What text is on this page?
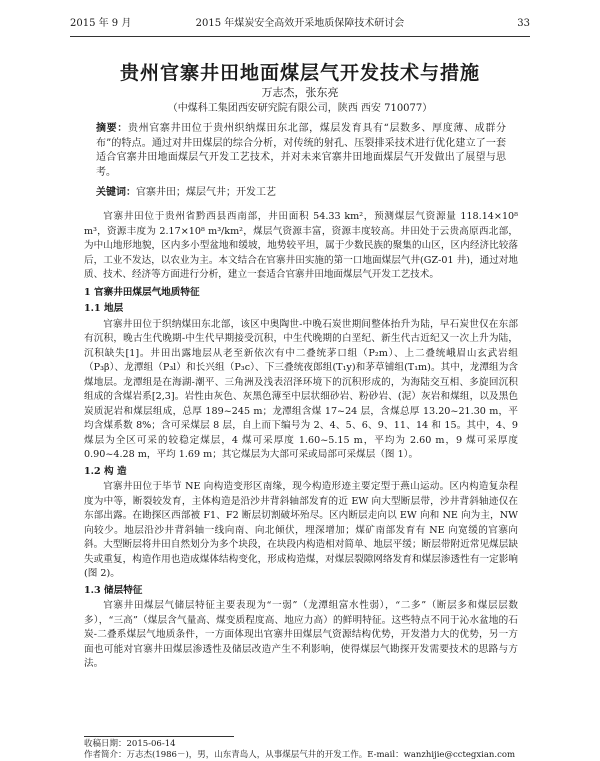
2015 年 9 月	2015 年煤炭安全高效开采地质保障技术研讨会	33
贵州官寨井田地面煤层气开发技术与措施
万志杰，张东亮
（中煤科工集团西安研究院有限公司，陕西 西安 710077）
摘要：贵州官寨井田位于贵州织纳煤田东北部，煤层发育具有“层数多、厚度薄、成群分布”的特点。通过对井田煤层的综合分析，对传统的射孔、压裂排采技术进行优化建立了一套适合官寨井田地面煤层气开发工艺技术，并对未来官寨井田地面煤层气开发做出了展望与思考。
关键词：官寨井田；煤层气井；开发工艺

官寨井田位于贵州省黔西县西南部，井田面积 54.33 km²，预测煤层气资源量 118.14×10⁸ m³，资源丰度为 2.17×10⁸ m³/km²，煤层气资源丰富，资源丰度较高。井田处于云贵高原西北部，为中山地形地貌，区内多小型盆地和缓坡，地势较平坦，属于少数民族的聚集的山区，区内经济比较落后，工业不发达，以农业为主。本文结合在官寨井田实施的第一口地面煤层气井(GZ-01 井)，通过对地质、技术、经济等方面进行分析，建立一套适合官寨井田地面煤层气开发工艺技术。

1 官寨井田煤层气地质特征

1.1 地层

官寨井田位于织纳煤田东北部，该区中奥陶世-中晚石炭世期间整体抬升为陆，早石炭世仅在东部有沉积，晚古生代晚期-中生代早期接受沉积，中生代晚期的白垩纪、新生代古近纪又一次上升为陆，沉积缺失[1]。井田出露地层从老至新依次有中二叠统茅口组（P₂m）、上二叠统峨眉山玄武岩组（P₃β）、龙潭组（P₃l）和长兴组（P₃c）、下三叠统夜郎组(T₁y)和茅草铺组(T₁m)。其中，龙潭组为含煤地层。龙潭组是在海湖-潮平、三角洲及浅表沼泽环境下的沉积形成的，为海陆交互相、多旋回沉积组成的含煤岩系[2,3]。岩性由灰色、灰黑色薄至中层状细砂岩、粉砂岩、(泥）灰岩和煤组，以及黑色炭质泥岩和煤层组成，总厚 189~245 m；龙潭组含煤 17~24 层，含煤总厚 13.20~21.30 m，平均含煤系数 8%；含可采煤层 8 层，自上而下编号为 2、4、5、6、9、11、14 和 15。其中，4、9 煤层为全区可采的较稳定煤层，4 煤可采厚度 1.60~5.15 m，平均为 2.60 m，9 煤可采厚度 0.90~4.28 m，平均 1.69 m；其它煤层为大部可采或局部可采煤层（图 1）。

1.2 构 造

官寨井田位于毕节 NE 向构造变形区南缘，现今构造形迹主要定型于燕山运动。区内构造复杂程度为中等，断裂较发育，主体构造是沿沙井背斜轴部发育的近 EW 向大型断层带，沙井背斜轴迹仅在东部出露。在勘探区西部被 F1、F2 断层切割破坏殆尽。区内断层走向以 EW 向和 NE 向为主，NW 向较少。地层沿沙井背斜轴一线向南、向北倾伏，埋深增加；煤矿南部发育有 NE 向宽缓的官寨向斜。大型断层将井田自然划分为多个块段，在块段内构造相对简单、地层平缓；断层带附近常见煤层缺失或重复，构造作用也造成煤体结构变化，形成构造煤，对煤层裂隙网络发育和煤层渗透性有一定影响(图 2)。

1.3 储层特征

官寨井田煤层气储层特征主要表现为“一弱”（龙潭组富水性弱），“二多”（断层多和煤层层数多），“三高”（煤层含气量高、煤变质程度高、地应力高）的鲜明特征。这些特点不同于沁水盆地的石炭-二叠系煤层气地质条件，一方面体现出官寨井田煤层气资源结构优势，开发潜力大的优势，另一方面也可能对官寨井田煤层渗透性及储层改造产生不利影响，使得煤层气勘探开发需要技术的思路与方法。

收稿日期：2015-06-14
作者简介：万志杰(1986－)，男，山东青岛人，从事煤层气井的开发工作。E-mail：wanzhijie@cctegxian.com
